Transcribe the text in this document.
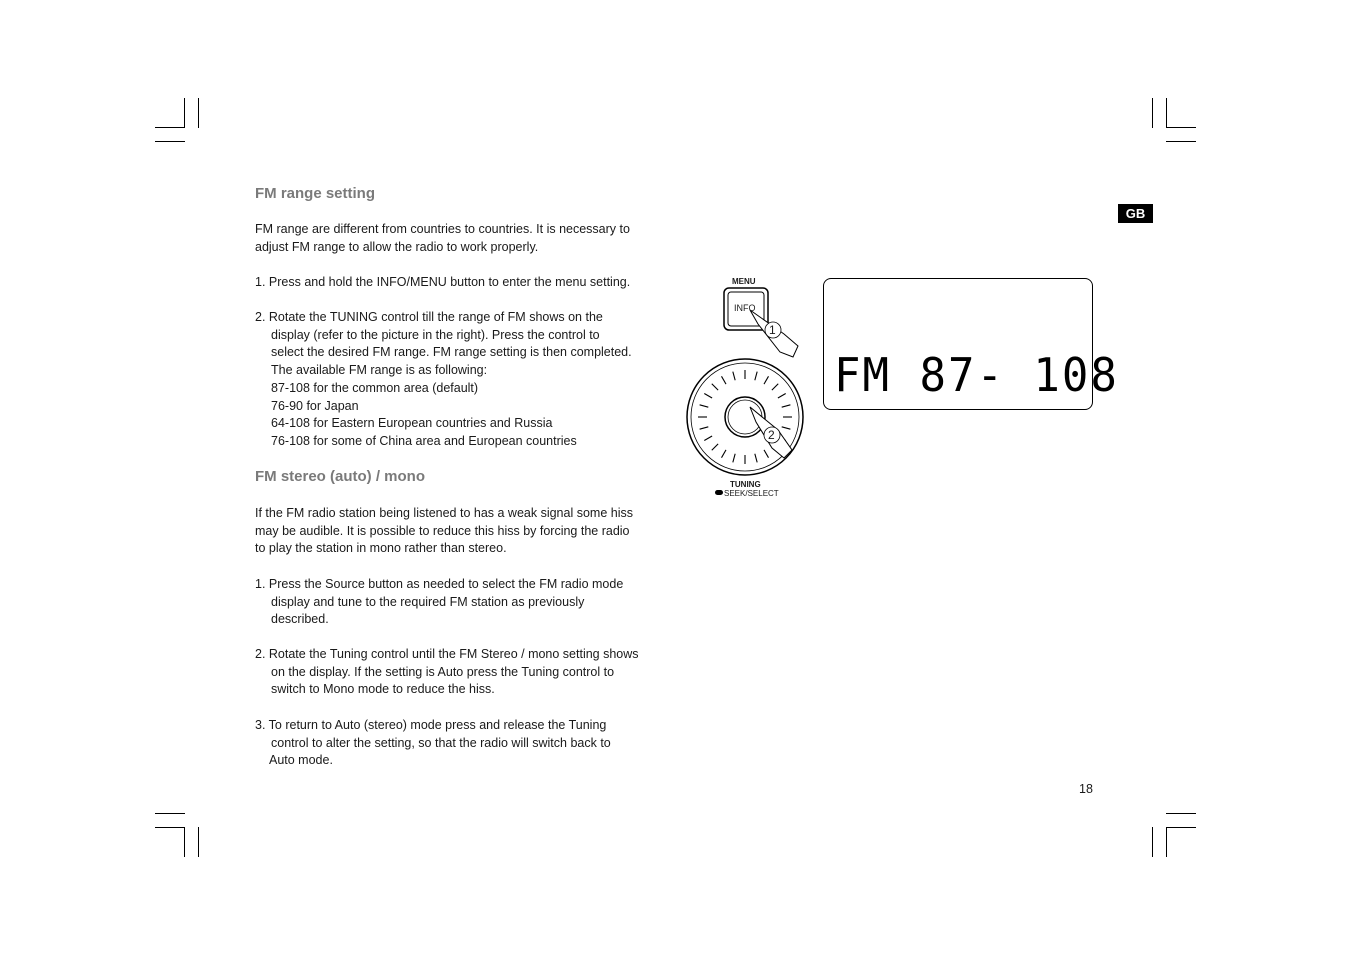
GB
FM range setting

FM range are different from countries to countries. It is necessary to
adjust FM range to allow the radio to work properly.

1. Press and hold the INFO/MENU button to enter the menu setting.

2. Rotate the TUNING control till the range of FM shows on the
display (refer to the picture in the right). Press the control to
select the desired FM range. FM range setting is then completed.
The available FM range is as following:
87-108 for the common area (default)
76-90 for Japan
64-108 for Eastern European countries and Russia
76-108 for some of China area and European countries
FM stereo (auto) / mono
If the FM radio station being listened to has a weak signal some hiss
may be audible. It is possible to reduce this hiss by forcing the radio
to play the station in mono rather than stereo.
1. Press the Source button as needed to select the FM radio mode
display and tune to the required FM station as previously
described.
2. Rotate the Tuning control until the FM Stereo / mono setting shows
on the display. If the setting is Auto press the Tuning control to
switch to Mono mode to reduce the hiss.
3. To return to Auto (stereo) mode press and release the Tuning
control to alter the setting, so that the radio will switch back to
Auto mode.
MENU
INFO
1
2
TUNING
SEEK/SELECT
FM 87- 108
18
